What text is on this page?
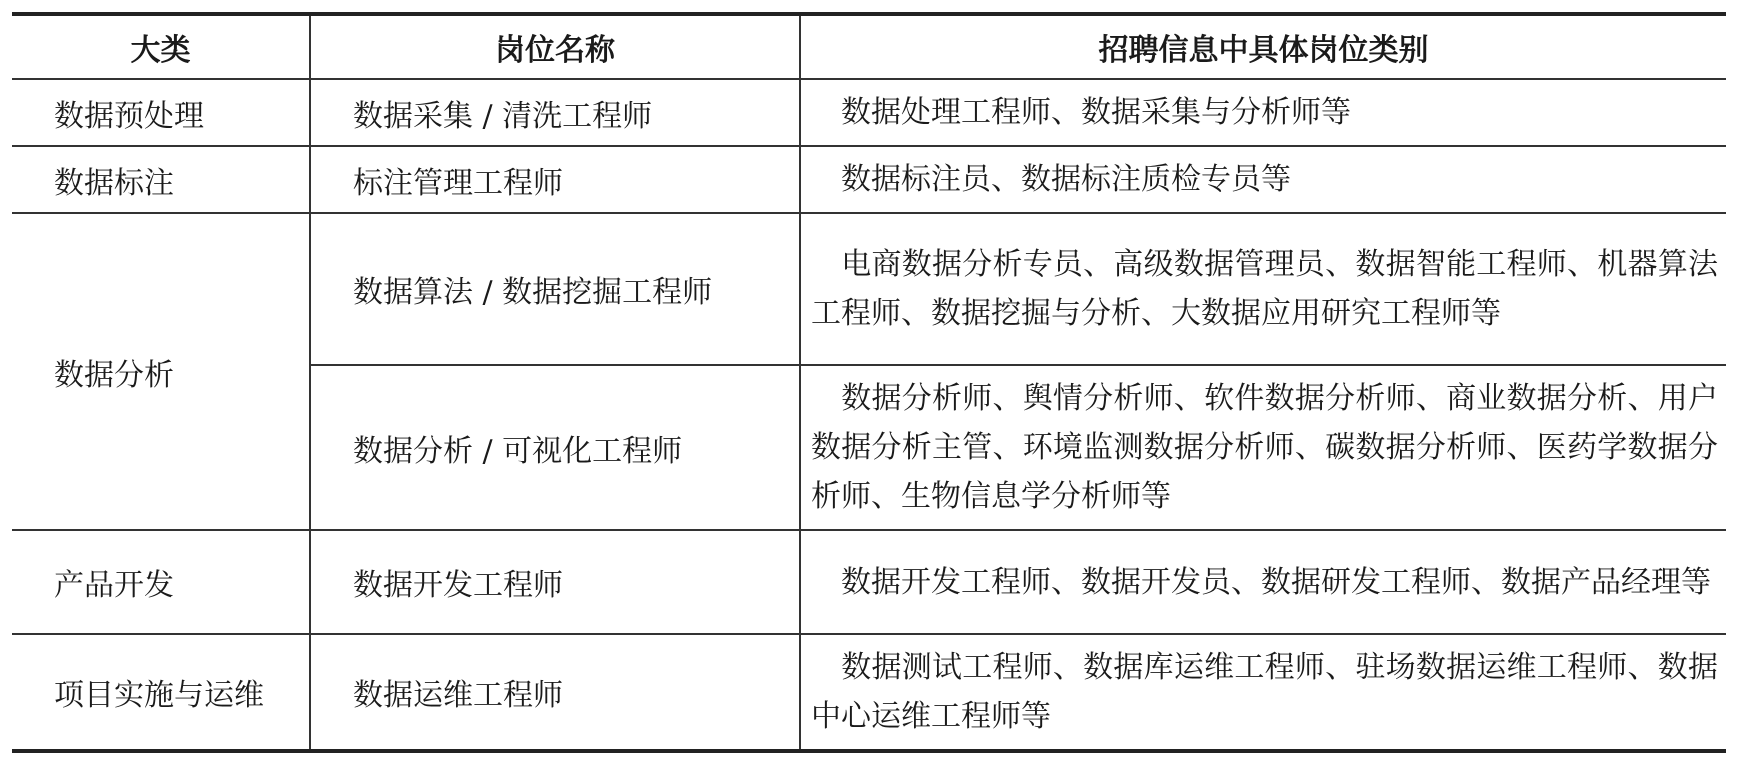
大类	岗位名称	招聘信息中具体岗位类别
数据预处理	数据采集 / 清洗工程师	数据处理工程师、数据采集与分析师等
数据标注	标注管理工程师	数据标注员、数据标注质检专员等
数据分析	数据算法 / 数据挖掘工程师	电商数据分析专员、高级数据管理员、数据智能工程师、机器算法工程师、数据挖掘与分析、大数据应用研究工程师等
	数据分析 / 可视化工程师	数据分析师、舆情分析师、软件数据分析师、商业数据分析、用户数据分析主管、环境监测数据分析师、碳数据分析师、医药学数据分析师、生物信息学分析师等
产品开发	数据开发工程师	数据开发工程师、数据开发员、数据研发工程师、数据产品经理等
项目实施与运维	数据运维工程师	数据测试工程师、数据库运维工程师、驻场数据运维工程师、数据中心运维工程师等
